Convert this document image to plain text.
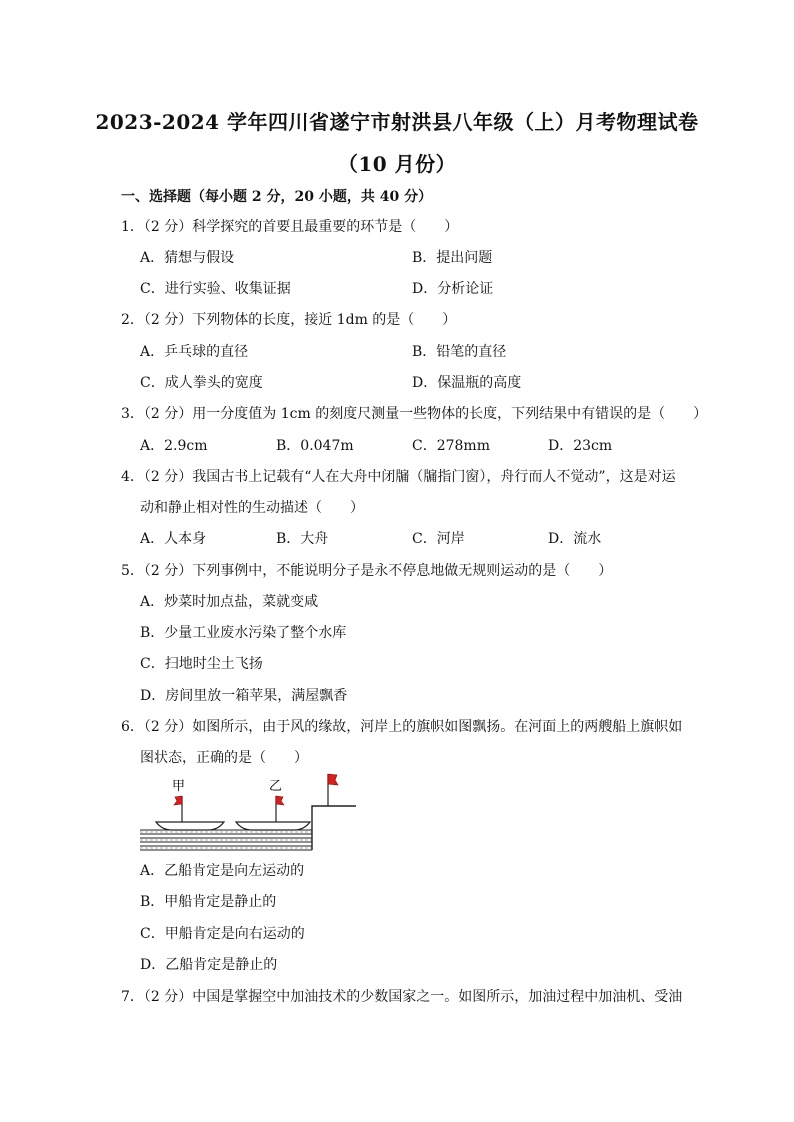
2023-2024 学年四川省遂宁市射洪县八年级（上）月考物理试卷
（10 月份）
一、选择题（每小题 2 分，20 小题，共 40 分）
1．（2 分）科学探究的首要且最重要的环节是（　　）
A．猜想与假设	B．提出问题
C．进行实验、收集证据	D．分析论证
2．（2 分）下列物体的长度，接近 1dm 的是（　　）
A．乒乓球的直径	B．铅笔的直径
C．成人拳头的宽度	D．保温瓶的高度
3．（2 分）用一分度值为 1cm 的刻度尺测量一些物体的长度，下列结果中有错误的是（　　）
A．2.9cm	B．0.047m	C．278mm	D．23cm
4．（2 分）我国古书上记载有“人在大舟中闭牖（牖指门窗），舟行而人不觉动”，这是对运
动和静止相对性的生动描述（　　）
A．人本身	B．大舟	C．河岸	D．流水
5．（2 分）下列事例中，不能说明分子是永不停息地做无规则运动的是（　　）
A．炒菜时加点盐，菜就变咸
B．少量工业废水污染了整个水库
C．扫地时尘土飞扬
D．房间里放一箱苹果，满屋飘香
6．（2 分）如图所示，由于风的缘故，河岸上的旗帜如图飘扬。在河面上的两艘船上旗帜如
图状态，正确的是（　　）
甲	乙
A．乙船肯定是向左运动的
B．甲船肯定是静止的
C．甲船肯定是向右运动的
D．乙船肯定是静止的
7．（2 分）中国是掌握空中加油技术的少数国家之一。如图所示，加油过程中加油机、受油
